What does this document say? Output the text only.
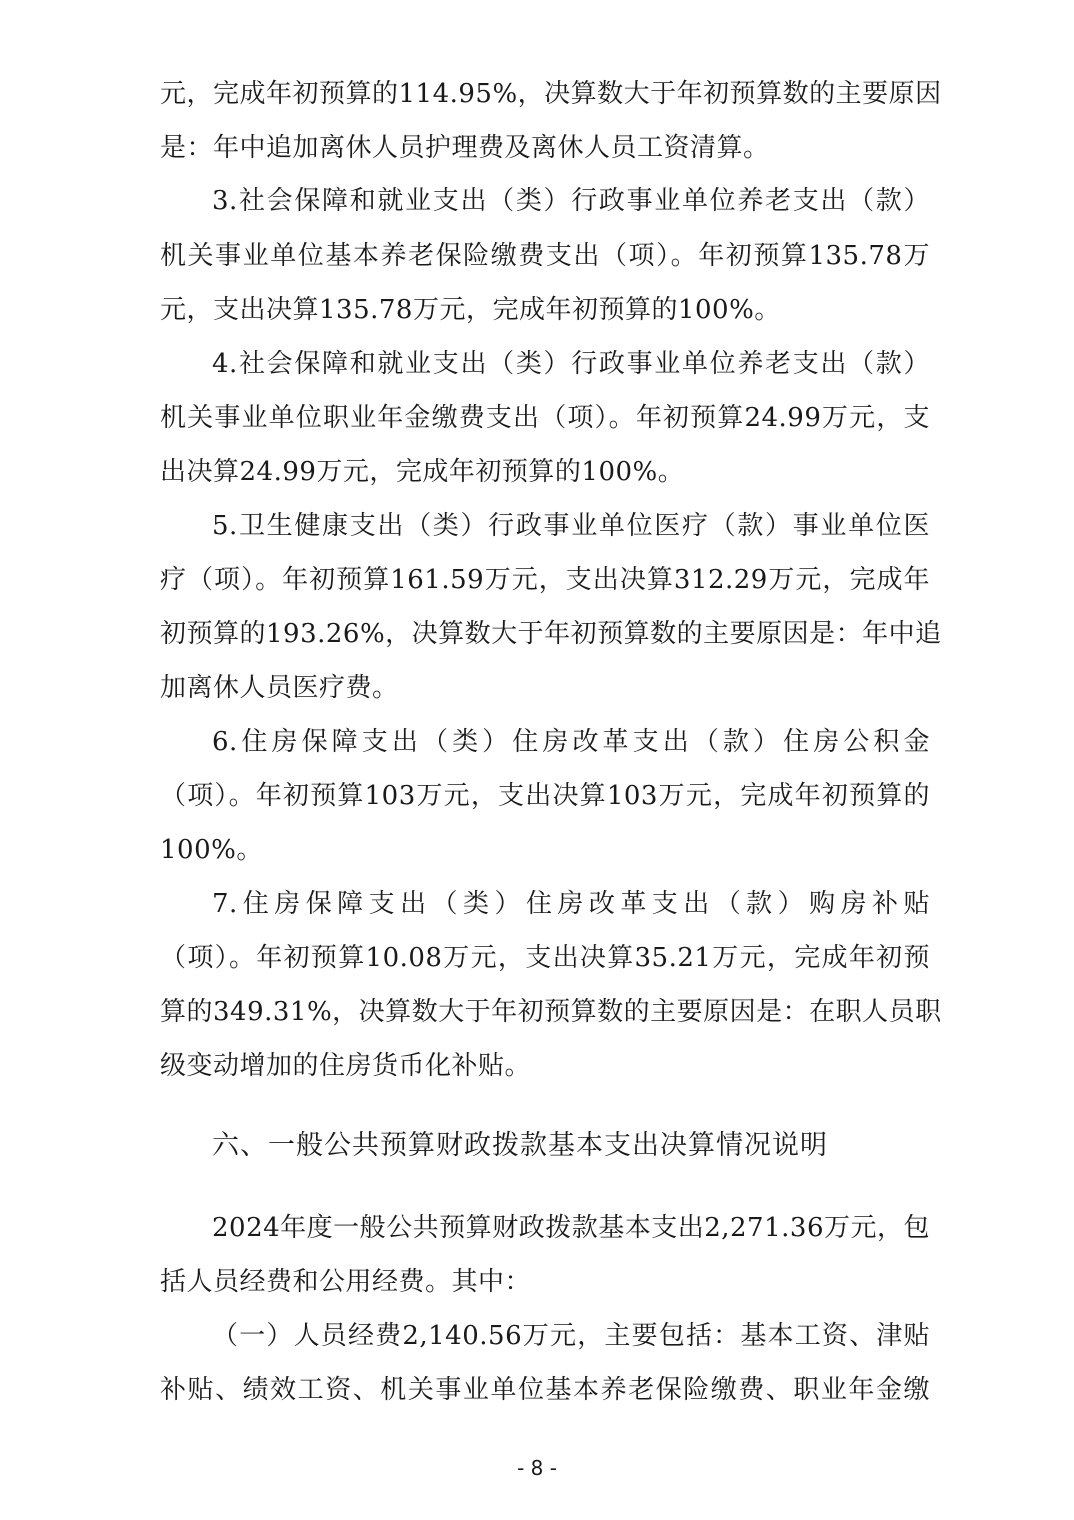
元，完成年初预算的114.95%，决算数大于年初预算数的主要原因
是：年中追加离休人员护理费及离休人员工资清算。
3.社会保障和就业支出（类）行政事业单位养老支出（款）
机关事业单位基本养老保险缴费支出（项）。年初预算135.78万
元，支出决算135.78万元，完成年初预算的100%。
4.社会保障和就业支出（类）行政事业单位养老支出（款）
机关事业单位职业年金缴费支出（项）。年初预算24.99万元，支
出决算24.99万元，完成年初预算的100%。
5.卫生健康支出（类）行政事业单位医疗（款）事业单位医
疗（项）。年初预算161.59万元，支出决算312.29万元，完成年
初预算的193.26%，决算数大于年初预算数的主要原因是：年中追
加离休人员医疗费。
6.住房保障支出（类）住房改革支出（款）住房公积金
（项）。年初预算103万元，支出决算103万元，完成年初预算的
100%。
7.住房保障支出（类）住房改革支出（款）购房补贴
（项）。年初预算10.08万元，支出决算35.21万元，完成年初预
算的349.31%，决算数大于年初预算数的主要原因是：在职人员职
级变动增加的住房货币化补贴。
六、一般公共预算财政拨款基本支出决算情况说明
2024年度一般公共预算财政拨款基本支出2,271.36万元，包
括人员经费和公用经费。其中：
（一）人员经费2,140.56万元，主要包括：基本工资、津贴
补贴、绩效工资、机关事业单位基本养老保险缴费、职业年金缴
- 8 -
